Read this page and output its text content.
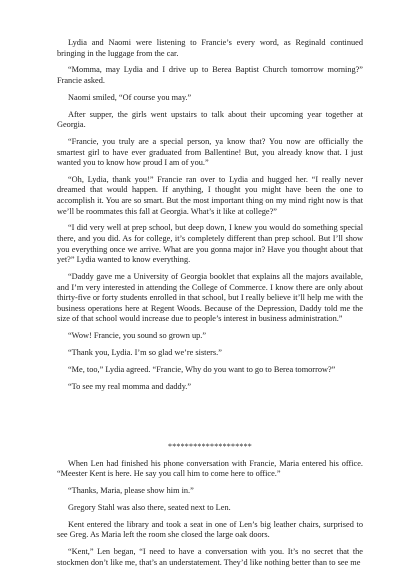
Lydia and Naomi were listening to Francie’s every word, as Reginald continued bringing in the luggage from the car.

“Momma, may Lydia and I drive up to Berea Baptist Church tomorrow morning?” Francie asked.

Naomi smiled, “Of course you may.”

After supper, the girls went upstairs to talk about their upcoming year together at Georgia.

“Francie, you truly are a special person, ya know that? You now are officially the smartest girl to have ever graduated from Ballentine! But, you already know that. I just wanted you to know how proud I am of you.”

“Oh, Lydia, thank you!” Francie ran over to Lydia and hugged her. “I really never dreamed that would happen. If anything, I thought you might have been the one to accomplish it. You are so smart. But the most important thing on my mind right now is that we’ll be roommates this fall at Georgia. What’s it like at college?”

“I did very well at prep school, but deep down, I knew you would do something special there, and you did. As for college, it’s completely different than prep school. But I’ll show you everything once we arrive. What are you gonna major in? Have you thought about that yet?” Lydia wanted to know everything.

“Daddy gave me a University of Georgia booklet that explains all the majors available, and I’m very interested in attending the College of Commerce. I know there are only about thirty-five or forty students enrolled in that school, but I really believe it’ll help me with the business operations here at Regent Woods. Because of the Depression, Daddy told me the size of that school would increase due to people’s interest in business administration.”

“Wow! Francie, you sound so grown up.”

“Thank you, Lydia. I’m so glad we’re sisters.”

“Me, too,” Lydia agreed. “Francie, Why do you want to go to Berea tomorrow?”

“To see my real momma and daddy.”

********************

When Len had finished his phone conversation with Francie, Maria entered his office. “Meester Kent is here. He say you call him to come here to office.”

“Thanks, Maria, please show him in.”

Gregory Stahl was also there, seated next to Len.

Kent entered the library and took a seat in one of Len’s big leather chairs, surprised to see Greg. As Maria left the room she closed the large oak doors.

“Kent,” Len began, “I need to have a conversation with you. It’s no secret that the stockmen don’t like me, that’s an understatement. They’d like nothing better than to see me
